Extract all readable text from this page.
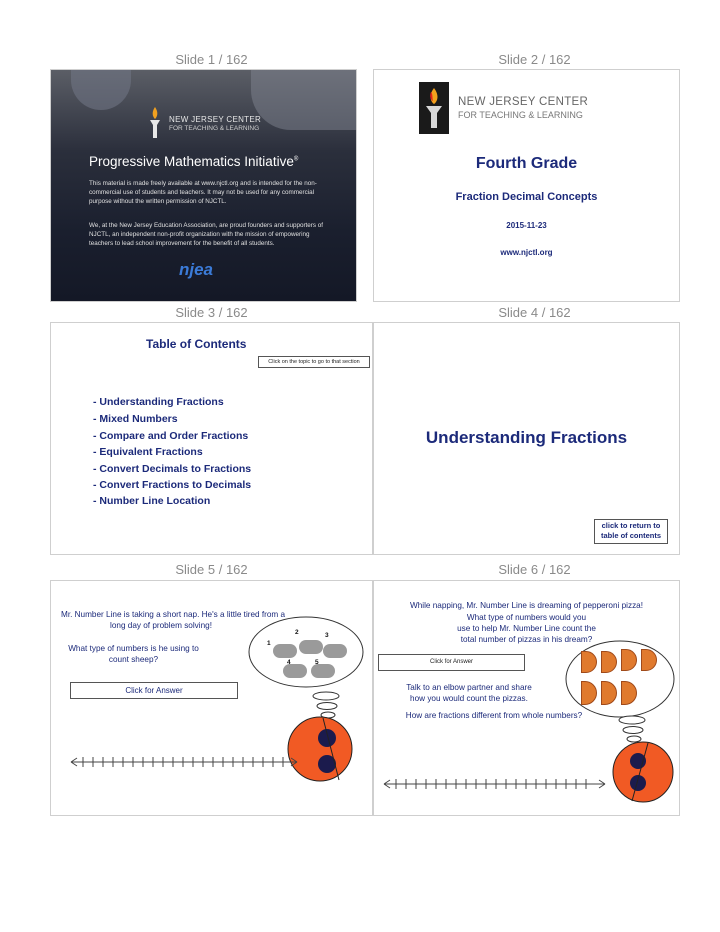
Slide 1 / 162	Slide 2 / 162
NEW JERSEY CENTER
FOR TEACHING & LEARNING
Progressive Mathematics Initiative®
This material is made freely available at www.njctl.org and is intended for the non-commercial use of students and teachers. It may not be used for any commercial purpose without the written permission of NJCTL.
We, at the New Jersey Education Association, are proud founders and supporters of NJCTL, an independent non-profit organization with the mission of empowering teachers to lead school improvement for the benefit of all students.
njea
NEW JERSEY CENTER
FOR TEACHING & LEARNING
Fourth Grade
Fraction Decimal Concepts
2015-11-23
www.njctl.org
Slide 3 / 162	Slide 4 / 162
Table of Contents
Click on the topic to go to that section
- Understanding Fractions
- Mixed Numbers
- Compare and Order Fractions
- Equivalent Fractions
- Convert Decimals to Fractions
- Convert Fractions to Decimals
- Number Line Location
Understanding Fractions
click to return to
table of contents
Slide 5 / 162	Slide 6 / 162
Mr. Number Line is taking a short nap. He's a little tired from a
long day of problem solving!
What type of numbers is he using to
count sheep?
Click for Answer
1
2	3
4	5
While napping, Mr. Number Line is dreaming of pepperoni pizza!
What type of numbers would you
use to help Mr. Number Line count the
total number of pizzas in his dream?
Click for Answer
Talk to an elbow partner and share
how you would count the pizzas.
How are fractions different from whole numbers?
